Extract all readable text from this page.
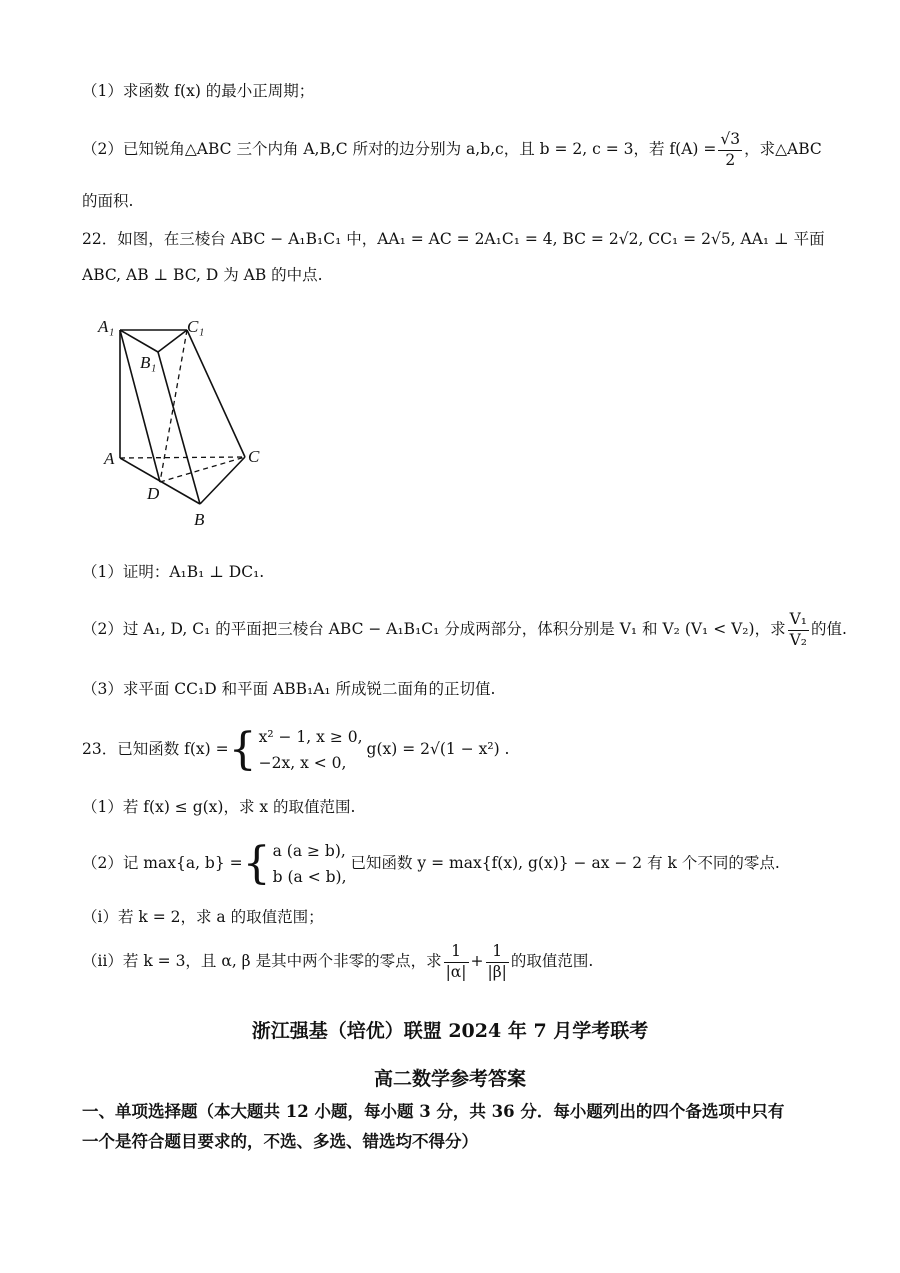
（1）求函数 f(x) 的最小正周期；
（2）已知锐角△ABC 三个内角 A,B,C 所对的边分别为 a,b,c，且 b = 2, c = 3，若 $f(A) = \frac{√3}{2}$ ，求△ABC
的面积.
22．如图，在三棱台 ABC − A₁B₁C₁ 中，AA₁ = AC = 2A₁C₁ = 4, BC = 2√2, CC₁ = 2√5, AA₁ ⊥ 平面
ABC, AB ⊥ BC, D 为 AB 的中点.
A₁	C₁
B₁
A	C
D
B
（1）证明：A₁B₁ ⊥ DC₁.
（2）过 A₁, D, C₁ 的平面把三棱台 ABC − A₁B₁C₁ 分成两部分，体积分别是 V₁ 和 V₂ (V₁ < V₂)，求 $\frac{\text{V₁}}{\text{V₂}}$ 的值.
（3）求平面 CC₁D 和平面 ABB₁A₁ 所成锐二面角的正切值.
23．已知函数 f(x) = { x² − 1, x ≥ 0,
−2x, x < 0,
g(x) = 2√(1 − x²) .
（1）若 f(x) ≤ g(x)，求 x 的取值范围.
（2）记 max{a, b} = { a (a ≥ b),
b (a < b),
已知函数 y = max{f(x), g(x)} − ax − 2 有 k 个不同的零点.
（ⅰ）若 k = 2，求 a 的取值范围；
（ⅱ）若 k = 3，且 α, β 是其中两个非零的零点，求 $\frac{1}{|\alpha|} + \frac{1}{|\beta|}$ 的取值范围.
浙江强基（培优）联盟 2024 年 7 月学考联考
高二数学参考答案
一、单项选择题（本大题共 12 小题，每小题 3 分，共 36 分．每小题列出的四个备选项中只有
一个是符合题目要求的，不选、多选、错选均不得分）
